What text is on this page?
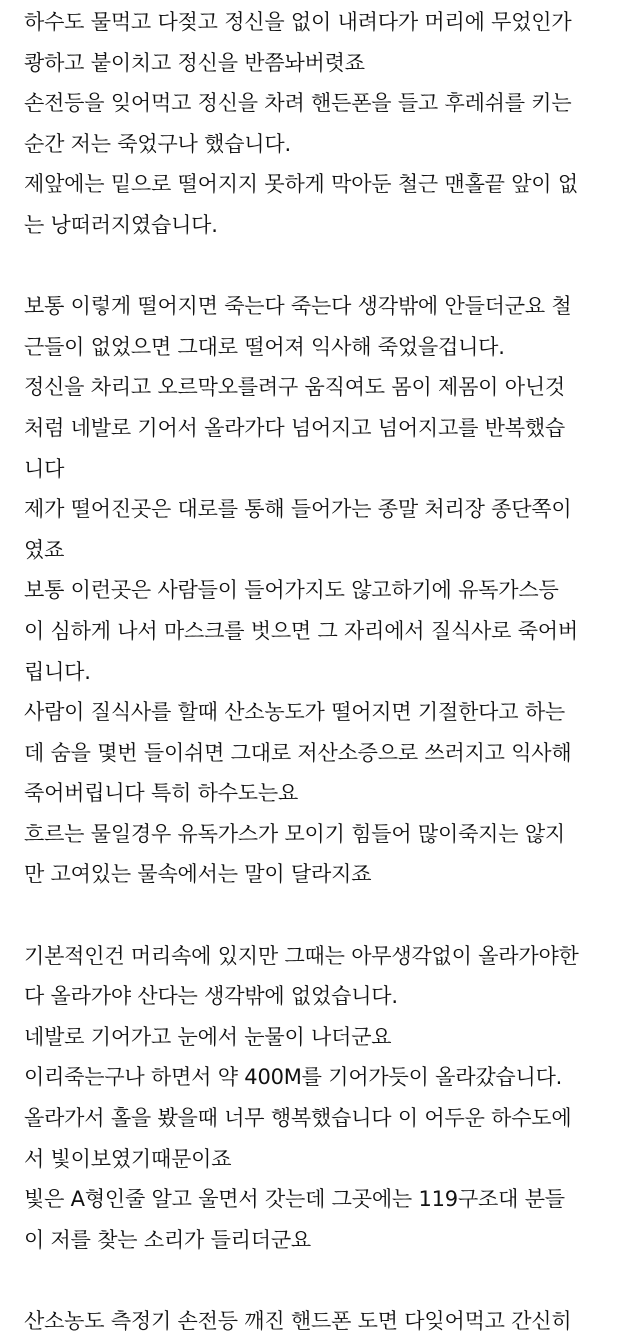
하수도 물먹고 다젖고 정신을 없이 내려다가 머리에 무었인가
쾅하고 붙이치고 정신을 반쯤놔버렷죠
손전등을 잊어먹고 정신을 차려 핸든폰을 들고 후레쉬를 키는
순간 저는 죽었구나 했습니다.
제앞에는 밑으로 떨어지지 못하게 막아둔 철근 맨홀끝 앞이 없
는 낭떠러지였습니다.
보통 이렇게 떨어지면 죽는다 죽는다 생각밖에 안들더군요 철
근들이 없었으면 그대로 떨어져 익사해 죽었을겁니다.
정신을 차리고 오르막오를려구 움직여도 몸이 제몸이 아닌것
처럼 네발로 기어서 올라가다 넘어지고 넘어지고를 반복했습
니다
제가 떨어진곳은 대로를 통해 들어가는 종말 처리장 종단쪽이
였죠
보통 이런곳은 사람들이 들어가지도 않고하기에 유독가스등
이 심하게 나서 마스크를 벗으면 그 자리에서 질식사로 죽어버
립니다.
사람이 질식사를 할때 산소농도가 떨어지면 기절한다고 하는
데 숨을 몇번 들이쉬면 그대로 저산소증으로 쓰러지고 익사해
죽어버립니다 특히 하수도는요
흐르는 물일경우 유독가스가 모이기 힘들어 많이죽지는 않지
만 고여있는 물속에서는 말이 달라지죠
기본적인건 머리속에 있지만 그때는 아무생각없이 올라가야한
다 올라가야 산다는 생각밖에 없었습니다.
네발로 기어가고 눈에서 눈물이 나더군요
이리죽는구나 하면서 약 400M를 기어가듯이 올라갔습니다.
올라가서 홀을 봤을때 너무 행복했습니다 이 어두운 하수도에
서 빛이보였기때문이죠
빛은 A형인줄 알고 울면서 갓는데 그곳에는 119구조대 분들
이 저를 찾는 소리가 들리더군요
산소농도 측정기 손전등 깨진 핸드폰 도면 다잊어먹고 간신히
